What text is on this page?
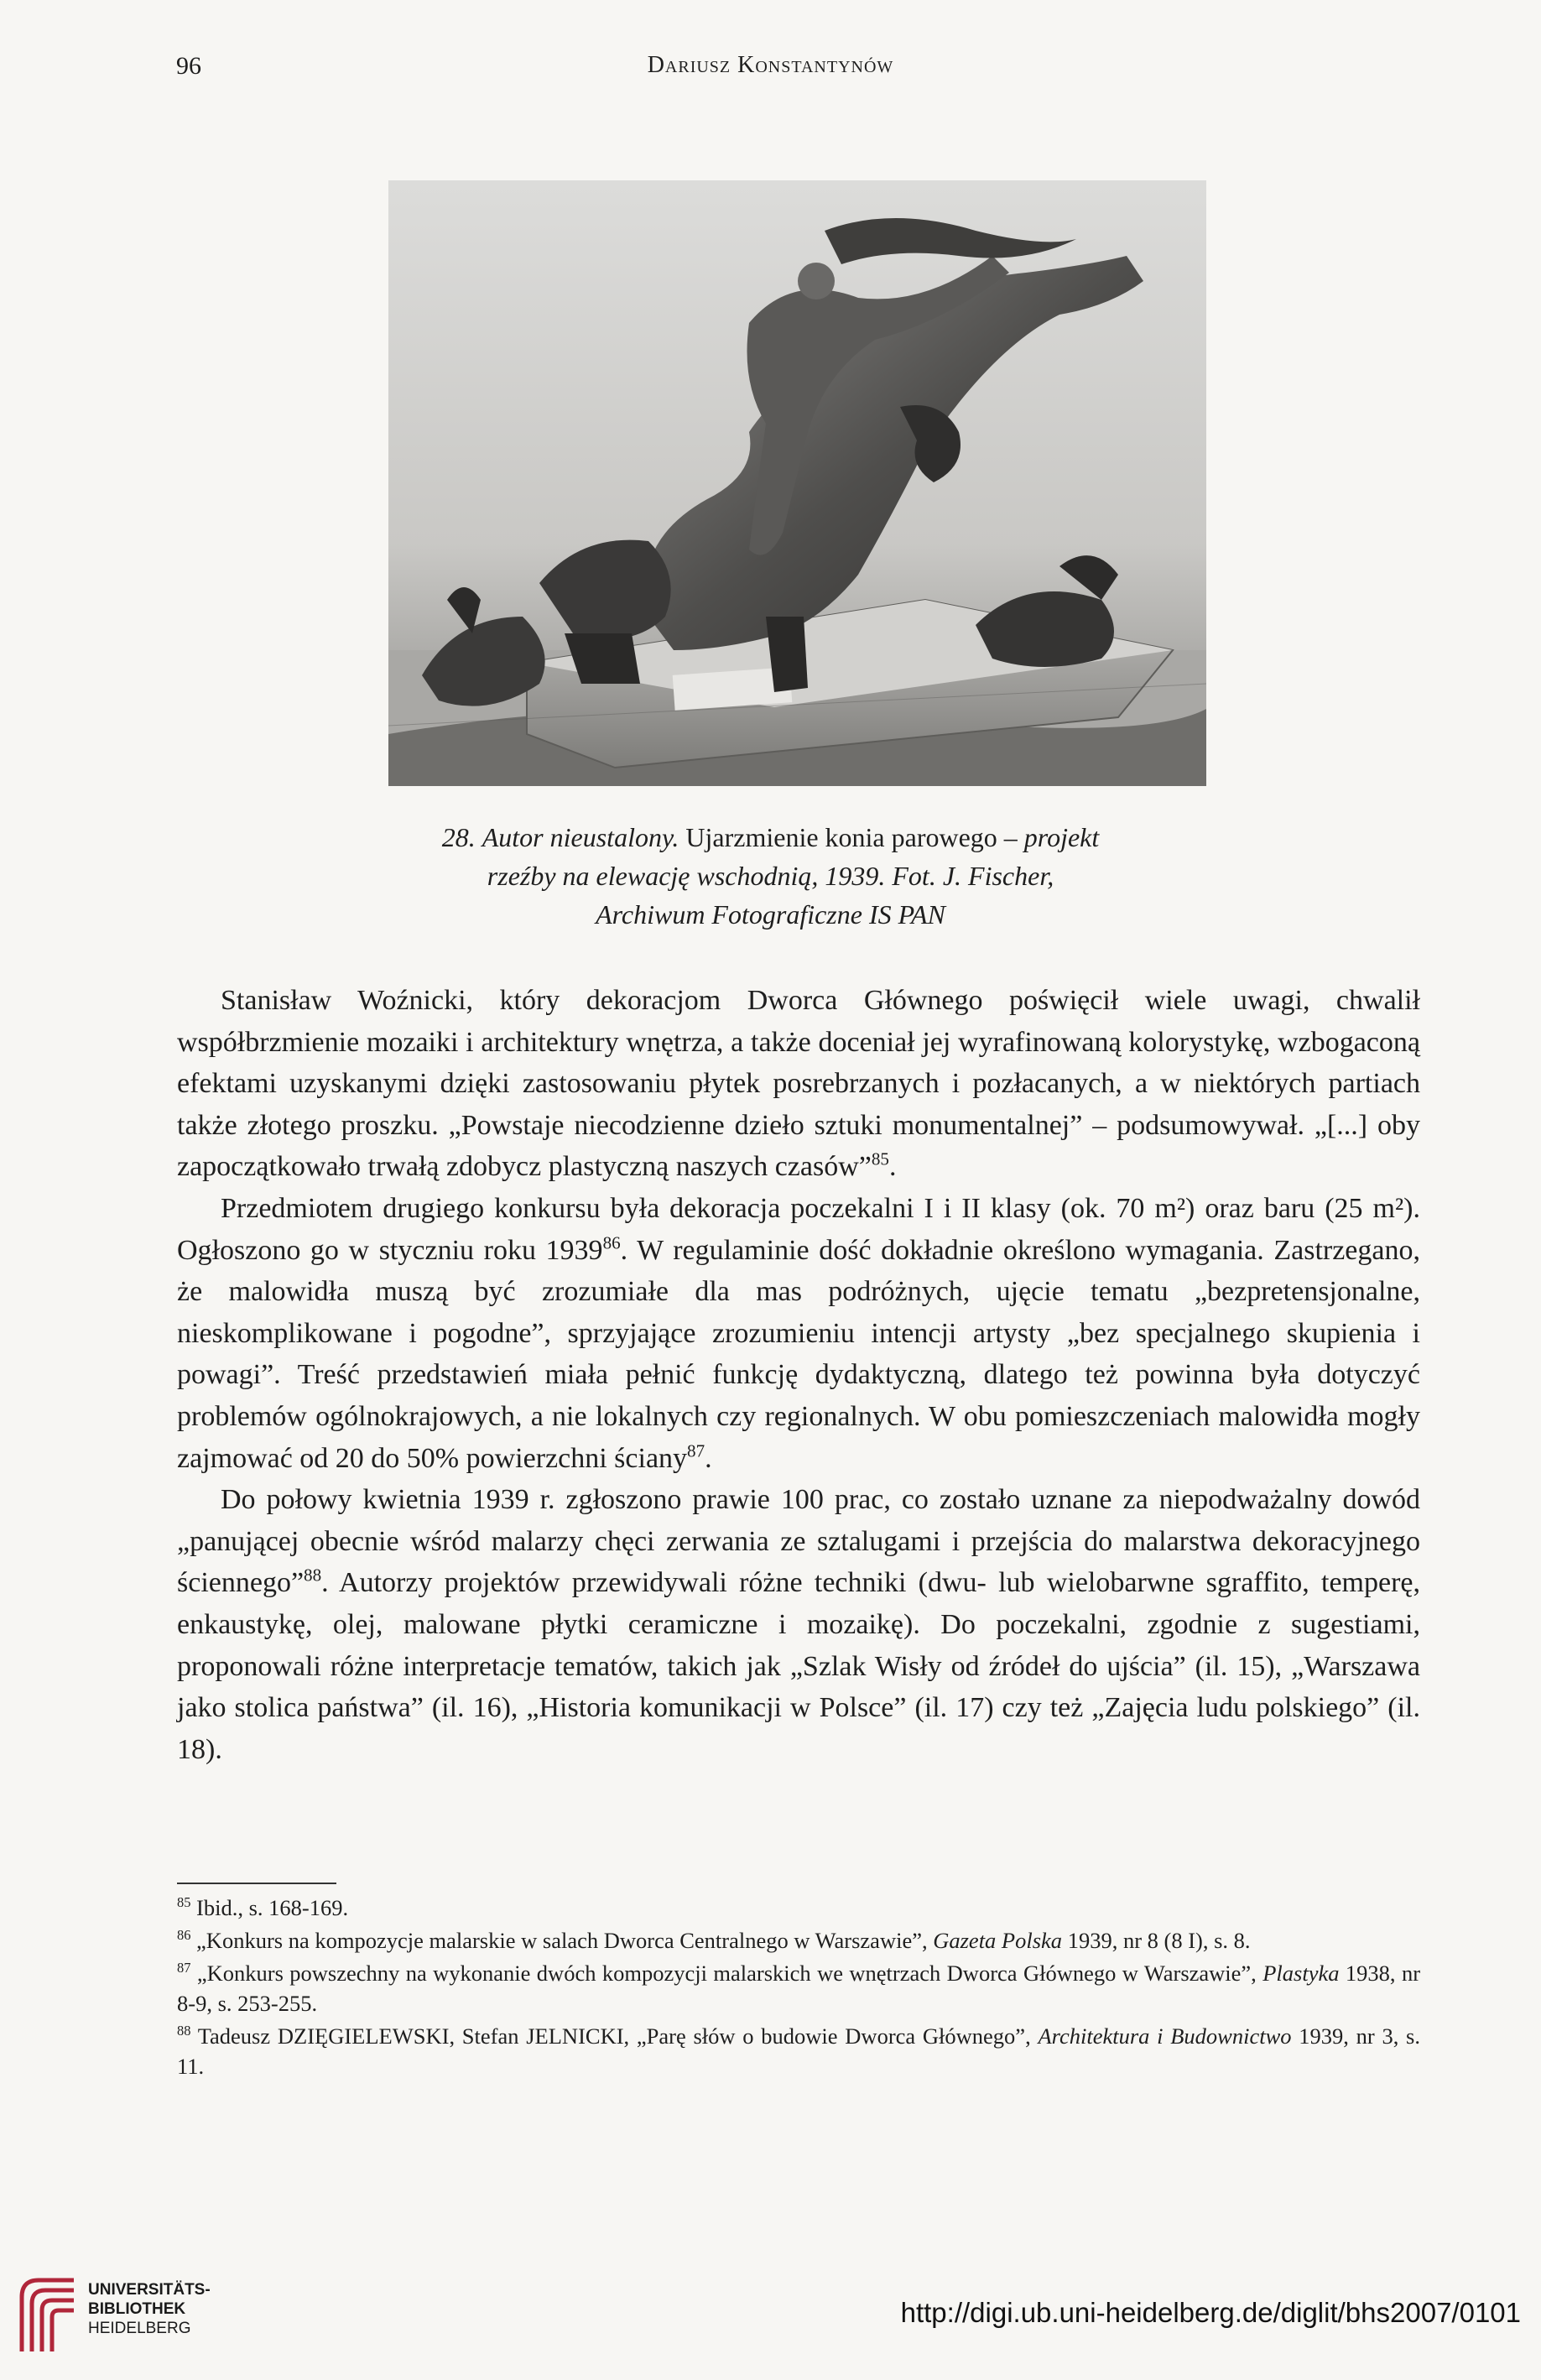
96	Dariusz Konstantynów
28. Autor nieustalony. Ujarzmienie konia parowego – projekt
rzeźby na elewację wschodnią, 1939. Fot. J. Fischer,
Archiwum Fotograficzne IS PAN

Stanisław Woźnicki, który dekoracjom Dworca Głównego poświęcił wiele uwagi, chwalił współbrzmienie mozaiki i architektury wnętrza, a także doceniał jej wyrafinowaną kolorystykę, wzbogaconą efektami uzyskanymi dzięki zastosowaniu płytek posrebrzanych i pozłacanych, a w niektórych partiach także złotego proszku. „Powstaje niecodzienne dzieło sztuki monumentalnej” – podsumowywał. „[...] oby zapoczątkowało trwałą zdobycz plastyczną naszych czasów”$^{85}$.

Przedmiotem drugiego konkursu była dekoracja poczekalni I i II klasy (ok. 70 m²) oraz baru (25 m²). Ogłoszono go w styczniu roku 1939$^{86}$. W regulaminie dość dokładnie określono wymagania. Zastrzegano, że malowidła muszą być zrozumiałe dla mas podróżnych, ujęcie tematu „bezpretensjonalne, nieskomplikowane i pogodne”, sprzyjające zrozumieniu intencji artysty „bez specjalnego skupienia i powagi”. Treść przedstawień miała pełnić funkcję dydaktyczną, dlatego też powinna była dotyczyć problemów ogólnokrajowych, a nie lokalnych czy regionalnych. W obu pomieszczeniach malowidła mogły zajmować od 20 do 50% powierzchni ściany$^{87}$.

Do połowy kwietnia 1939 r. zgłoszono prawie 100 prac, co zostało uznane za niepodważalny dowód „panującej obecnie wśród malarzy chęci zerwania ze sztalugami i przejścia do malarstwa dekoracyjnego ściennego”$^{88}$. Autorzy projektów przewidywali różne techniki (dwu- lub wielobarwne sgraffito, temperę, enkaustykę, olej, malowane płytki ceramiczne i mozaikę). Do poczekalni, zgodnie z sugestiami, proponowali różne interpretacje tematów, takich jak „Szlak Wisły od źródeł do ujścia” (il. 15), „Warszawa jako stolica państwa” (il. 16), „Historia komunikacji w Polsce” (il. 17) czy też „Zajęcia ludu polskiego” (il. 18).

$^{85}$ Ibid., s. 168-169.

$^{86}$ „Konkurs na kompozycje malarskie w salach Dworca Centralnego w Warszawie”, Gazeta Polska 1939, nr 8 (8 I), s. 8.

$^{87}$ „Konkurs powszechny na wykonanie dwóch kompozycji malarskich we wnętrzach Dworca Głównego w Warszawie”, Plastyka 1938, nr 8-9, s. 253-255.

$^{88}$ Tadeusz DZIĘGIELEWSKI, Stefan JELNICKI, „Parę słów o budowie Dworca Głównego”, Architektura i Budownictwo 1939, nr 3, s. 11.

UNIVERSITÄTS-
BIBLIOTHEK
HEIDELBERG
http://digi.ub.uni-heidelberg.de/diglit/bhs2007/0101
